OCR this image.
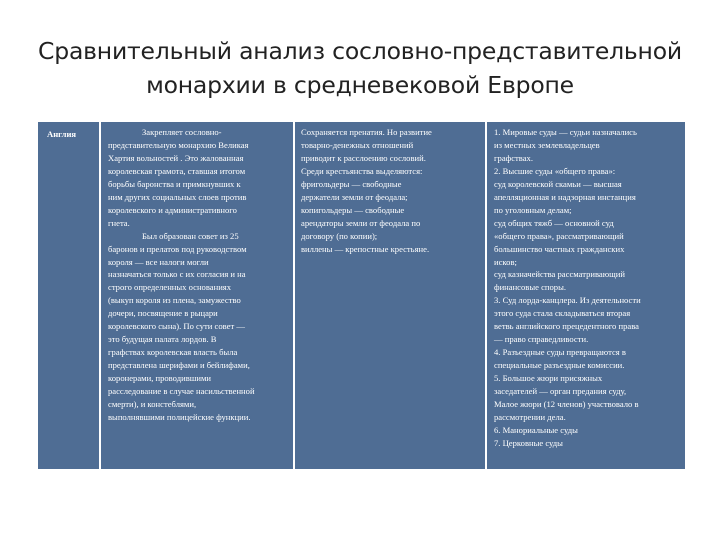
Сравнительный анализ сословно-представительной
монархии в средневековой Европе
Англия	Закрепляет сословно-
представительную монархию Великая
Хартия вольностей . Это жалованная
королевская грамота, ставшая итогом
борьбы баронства и примкнувших к
ним других социальных слоев против
королевского и административного
гнета.
Был образован совет из 25
баронов и прелатов под руководством
короля — все налоги могли
назначаться только с их согласия и на
строго определенных основаниях
(выкуп короля из плена, замужество
дочери, посвящение в рыцари
королевского сына). По сути совет —
это будущая палата лордов. В
графствах королевская власть была
представлена шерифами и бейлифами,
коронерами, проводившими
расследование в случае насильственной
смерти), и констеблями,
выполнявшими полицейские функции.
Сохраняется пренатия. Но развитие
товарно-денежных отношений
приводит к расслоению сословий.
Среди крестьянства выделяются:
фригольдеры — свободные
держатели земли от феодала;
копигольдеры — свободные
арендаторы земли от феодала по
договору (по копии);
виллены — крепостные крестьяне.
1. Мировые суды — судьи назначались
из местных землевладельцев
графствах.
2. Высшие суды «общего права»:
суд королевской скамьи — высшая
апелляционная и надзорная инстанция
по уголовным делам;
суд общих тяжб — основной суд
«общего права», рассматривающий
большинство частных гражданских
исков;
суд казначейства рассматривающий
финансовые споры.
3. Суд лорда-канцлера. Из деятельности
этого суда стала складываться вторая
ветвь английского прецедентного права
— право справедливости.
4. Разъездные суды превращаются в
специальные разъездные комиссии.
5. Большое жюри присяжных
заседателей — орган предания суду,
Малое жюри (12 членов) участвовало в
рассмотрении дела.
6. Манориальные суды
7. Церковные суды
